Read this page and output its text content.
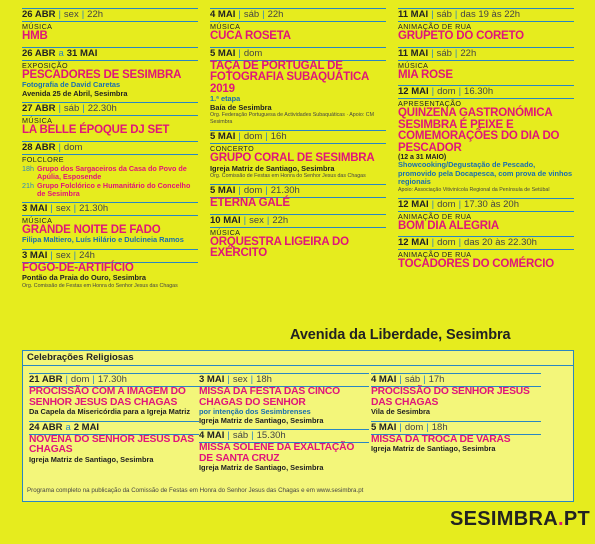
26 ABR | sex | 22h
MÚSICA
HMB
26 ABR a 31 MAI
EXPOSIÇÃO
PESCADORES DE SESIMBRA
Fotografia de David Caretas
Avenida 25 de Abril, Sesimbra
27 ABR | sáb | 22.30h
MÚSICA
LA BELLE ÉPOQUE DJ SET
28 ABR | dom
FOLCLORE
18h Grupo dos Sargaceiros da Casa do Povo de Apúlia, Esposende
21h Grupo Folclórico e Humanitário do Concelho de Sesimbra
3 MAI | sex | 21.30h
MÚSICA
GRANDE NOITE DE FADO
Filipa Maltiero, Luís Hilário e Dulcineia Ramos
3 MAI | sex | 24h
FOGO-DE-ARTIFÍCIO
Pontão da Praia do Ouro, Sesimbra
Org. Comissão de Festas em Honra do Senhor Jesus das Chagas
4 MAI | sáb | 22h
MÚSICA
CUCA ROSETA
5 MAI | dom
TAÇA DE PORTUGAL DE FOTOGRAFIA SUBAQUÁTICA 2019
1.ª etapa
Baía de Sesimbra
Org. Federação Portuguesa de Actividades Subaquáticas · Apoio: CM Sesimbra
5 MAI | dom | 16h
CONCERTO
GRUPO CORAL DE SESIMBRA
Igreja Matriz de Santiago, Sesimbra
Org. Comissão de Festas em Honra do Senhor Jesus das Chagas
5 MAI | dom | 21.30h
ETERNA GALÉ
10 MAI | sex | 22h
MÚSICA
ORQUESTRA LIGEIRA DO EXÉRCITO
11 MAI | sáb | das 19 às 22h
ANIMAÇÃO DE RUA
GRUPETO DO CORETO
11 MAI | sáb | 22h
MÚSICA
MIA ROSE
12 MAI | dom | 16.30h
APRESENTAÇÃO
QUINZENA GASTRONÓMICA SESIMBRA É PEIXE E COMEMORAÇÕES DO DIA DO PESCADOR
(12 a 31 MAIO)
Showcooking/Degustação de Pescado, promovido pela Docapesca, com prova de vinhos regionais
Apoio: Associação Vitivinícola Regional da Península de Setúbal
12 MAI | dom | 17.30 às 20h
ANIMAÇÃO DE RUA
BOM DIA ALEGRIA
12 MAI | dom | das 20 às 22.30h
ANIMAÇÃO DE RUA
TOCADORES DO COMÉRCIO
Avenida da Liberdade, Sesimbra
Celebrações Religiosas
21 ABR | dom | 17.30h
PROCISSÃO COM A IMAGEM DO SENHOR JESUS DAS CHAGAS
Da Capela da Misericórdia para a Igreja Matriz
24 ABR a 2 MAI
NOVENA DO SENHOR JESUS DAS CHAGAS
Igreja Matriz de Santiago, Sesimbra
3 MAI | sex | 18h
MISSA DA FESTA DAS CINCO CHAGAS DO SENHOR
por intenção dos Sesimbrenses
Igreja Matriz de Santiago, Sesimbra
4 MAI | sáb | 15.30h
MISSA SOLENE DA EXALTAÇÃO DE SANTA CRUZ
Igreja Matriz de Santiago, Sesimbra
4 MAI | sáb | 17h
PROCISSÃO DO SENHOR JESUS DAS CHAGAS
Vila de Sesimbra
5 MAI | dom | 18h
MISSA DA TROCA DE VARAS
Igreja Matriz de Santiago, Sesimbra
Programa completo na publicação da Comissão de Festas em Honra do Senhor Jesus das Chagas e em www.sesimbra.pt
SESIMBRA.PT
